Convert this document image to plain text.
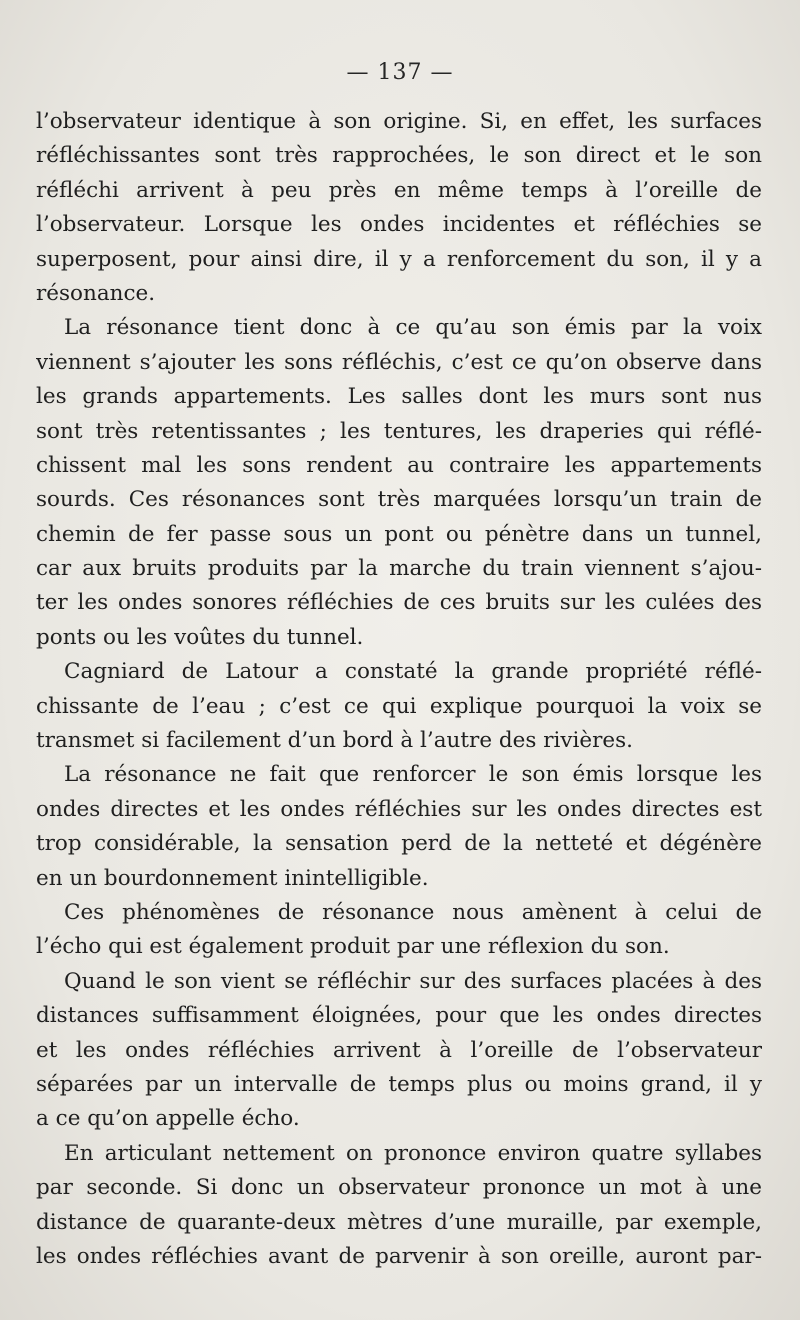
— 137 —
l’observateur identique à son origine. Si, en effet, les surfaces
réfléchissantes sont très rapprochées, le son direct et le son
réfléchi arrivent à peu près en même temps à l’oreille de
l’observateur. Lorsque les ondes incidentes et réfléchies se
superposent, pour ainsi dire, il y a renforcement du son, il y a
résonance.
La résonance tient donc à ce qu’au son émis par la voix
viennent s’ajouter les sons réfléchis, c’est ce qu’on observe dans
les grands appartements. Les salles dont les murs sont nus
sont très retentissantes ; les tentures, les draperies qui réflé-
chissent mal les sons rendent au contraire les appartements
sourds. Ces résonances sont très marquées lorsqu’un train de
chemin de fer passe sous un pont ou pénètre dans un tunnel,
car aux bruits produits par la marche du train viennent s’ajou-
ter les ondes sonores réfléchies de ces bruits sur les culées des
ponts ou les voûtes du tunnel.
Cagniard de Latour a constaté la grande propriété réflé-
chissante de l’eau ; c’est ce qui explique pourquoi la voix se
transmet si facilement d’un bord à l’autre des rivières.
La résonance ne fait que renforcer le son émis lorsque les
ondes directes et les ondes réfléchies sur les ondes directes est
trop considérable, la sensation perd de la netteté et dégénère
en un bourdonnement inintelligible.
Ces phénomènes de résonance nous amènent à celui de
l’écho qui est également produit par une réflexion du son.
Quand le son vient se réfléchir sur des surfaces placées à des
distances suffisamment éloignées, pour que les ondes directes
et les ondes réfléchies arrivent à l’oreille de l’observateur
séparées par un intervalle de temps plus ou moins grand, il y
a ce qu’on appelle écho.
En articulant nettement on prononce environ quatre syllabes
par seconde. Si donc un observateur prononce un mot à une
distance de quarante-deux mètres d’une muraille, par exemple,
les ondes réfléchies avant de parvenir à son oreille, auront par-
